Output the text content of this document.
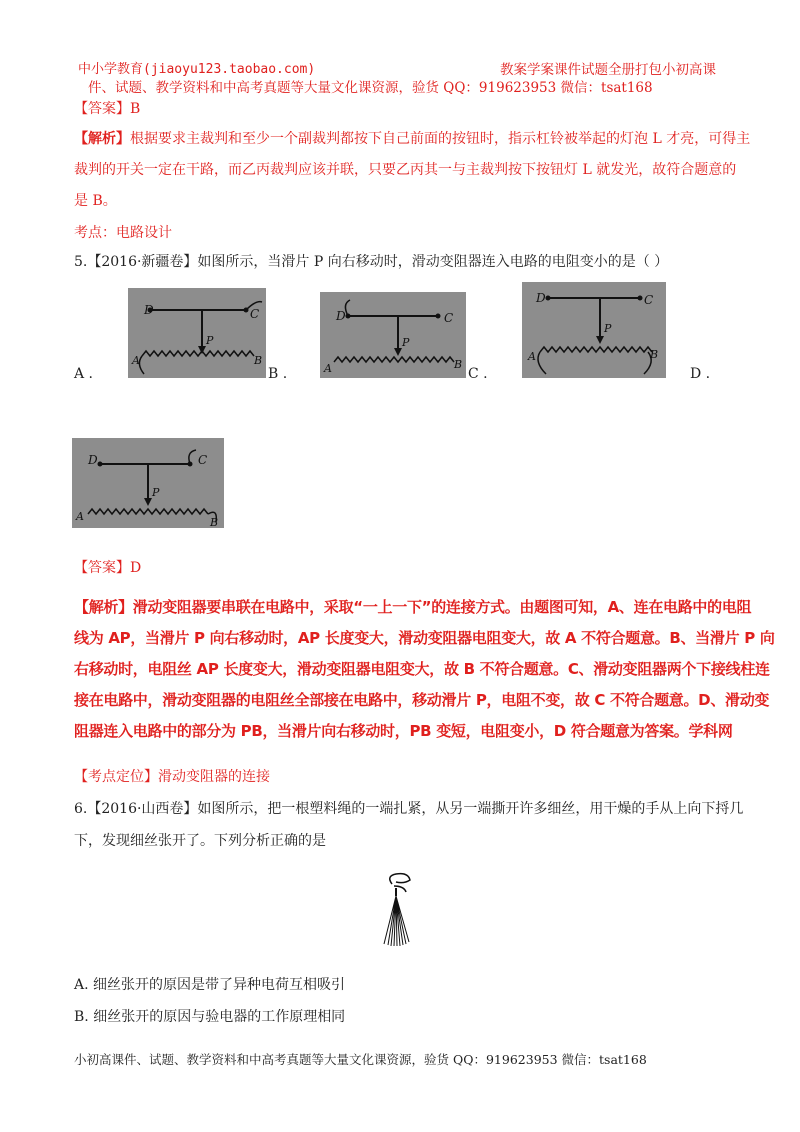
中小学教育(jiaoyu123.taobao.com)	教案学案课件试题全册打包小初高课
件、试题、教学资料和中高考真题等大量文化课资源，验货 QQ：919623953 微信：tsat168
【答案】B
【解析】根据要求主裁判和至少一个副裁判都按下自己前面的按钮时，指示杠铃被举起的灯泡 L 才亮，可得主
裁判的开关一定在干路，而乙丙裁判应该并联，只要乙丙其一与主裁判按下按钮灯 L 就发光，故符合题意的
是 B。
考点：电路设计
5.【2016·新疆卷】如图所示，当滑片 P 向右移动时，滑动变阻器连入电路的电阻变小的是（ ）
D	C
P
A	B
A .
D	C
P
A	B
B .
D	C
P
A	B
C .	D .
D	C
P
A	B
【答案】D
【解析】滑动变阻器要串联在电路中，采取“一上一下”的连接方式。由题图可知，A、连在电路中的电阻
线为 AP，当滑片 P 向右移动时，AP 长度变大，滑动变阻器电阻变大，故 A 不符合题意。B、当滑片 P 向
右移动时，电阻丝 AP 长度变大，滑动变阻器电阻变大，故 B 不符合题意。C、滑动变阻器两个下接线柱连
接在电路中，滑动变阻器的电阻丝全部接在电路中，移动滑片 P，电阻不变，故 C 不符合题意。D、滑动变
阻器连入电路中的部分为 PB，当滑片向右移动时，PB 变短，电阻变小，D 符合题意为答案。学科网
【考点定位】滑动变阻器的连接
6.【2016·山西卷】如图所示，把一根塑料绳的一端扎紧，从另一端撕开许多细丝，用干燥的手从上向下捋几
下，发现细丝张开了。下列分析正确的是
A. 细丝张开的原因是带了异种电荷互相吸引
B. 细丝张开的原因与验电器的工作原理相同
小初高课件、试题、教学资料和中高考真题等大量文化课资源，验货 QQ：919623953 微信：tsat168
